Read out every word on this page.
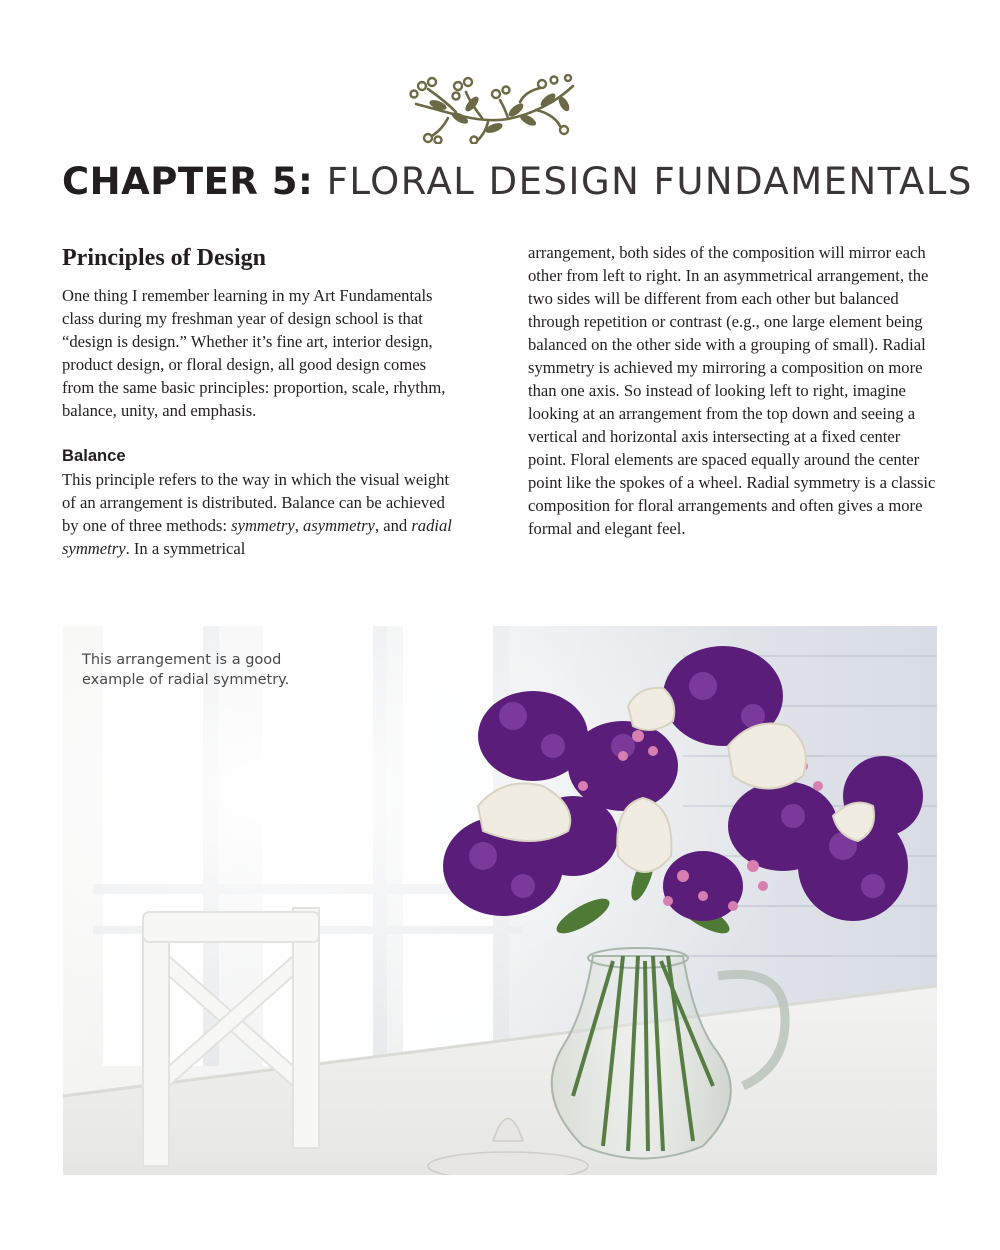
CHAPTER 5: FLORAL DESIGN FUNDAMENTALS
Principles of Design

One thing I remember learning in my Art Fundamentals class during my freshman year of design school is that “design is design.” Whether it’s fine art, interior design, product design, or floral design, all good design comes from the same basic principles: proportion, scale, rhythm, balance, unity, and emphasis.

Balance

This principle refers to the way in which the visual weight of an arrangement is distributed. Balance can be achieved by one of three methods: symmetry, asymmetry, and radial symmetry. In a symmetrical

arrangement, both sides of the composition will mirror each other from left to right. In an asymmetrical arrangement, the two sides will be different from each other but balanced through repetition or contrast (e.g., one large element being balanced on the other side with a grouping of small). Radial symmetry is achieved my mirroring a composition on more than one axis. So instead of looking left to right, imagine looking at an arrangement from the top down and seeing a vertical and horizontal axis intersecting at a fixed center point. Floral elements are spaced equally around the center point like the spokes of a wheel. Radial symmetry is a classic composition for floral arrangements and often gives a more formal and elegant feel.

This arrangement is a good example of radial symmetry.
